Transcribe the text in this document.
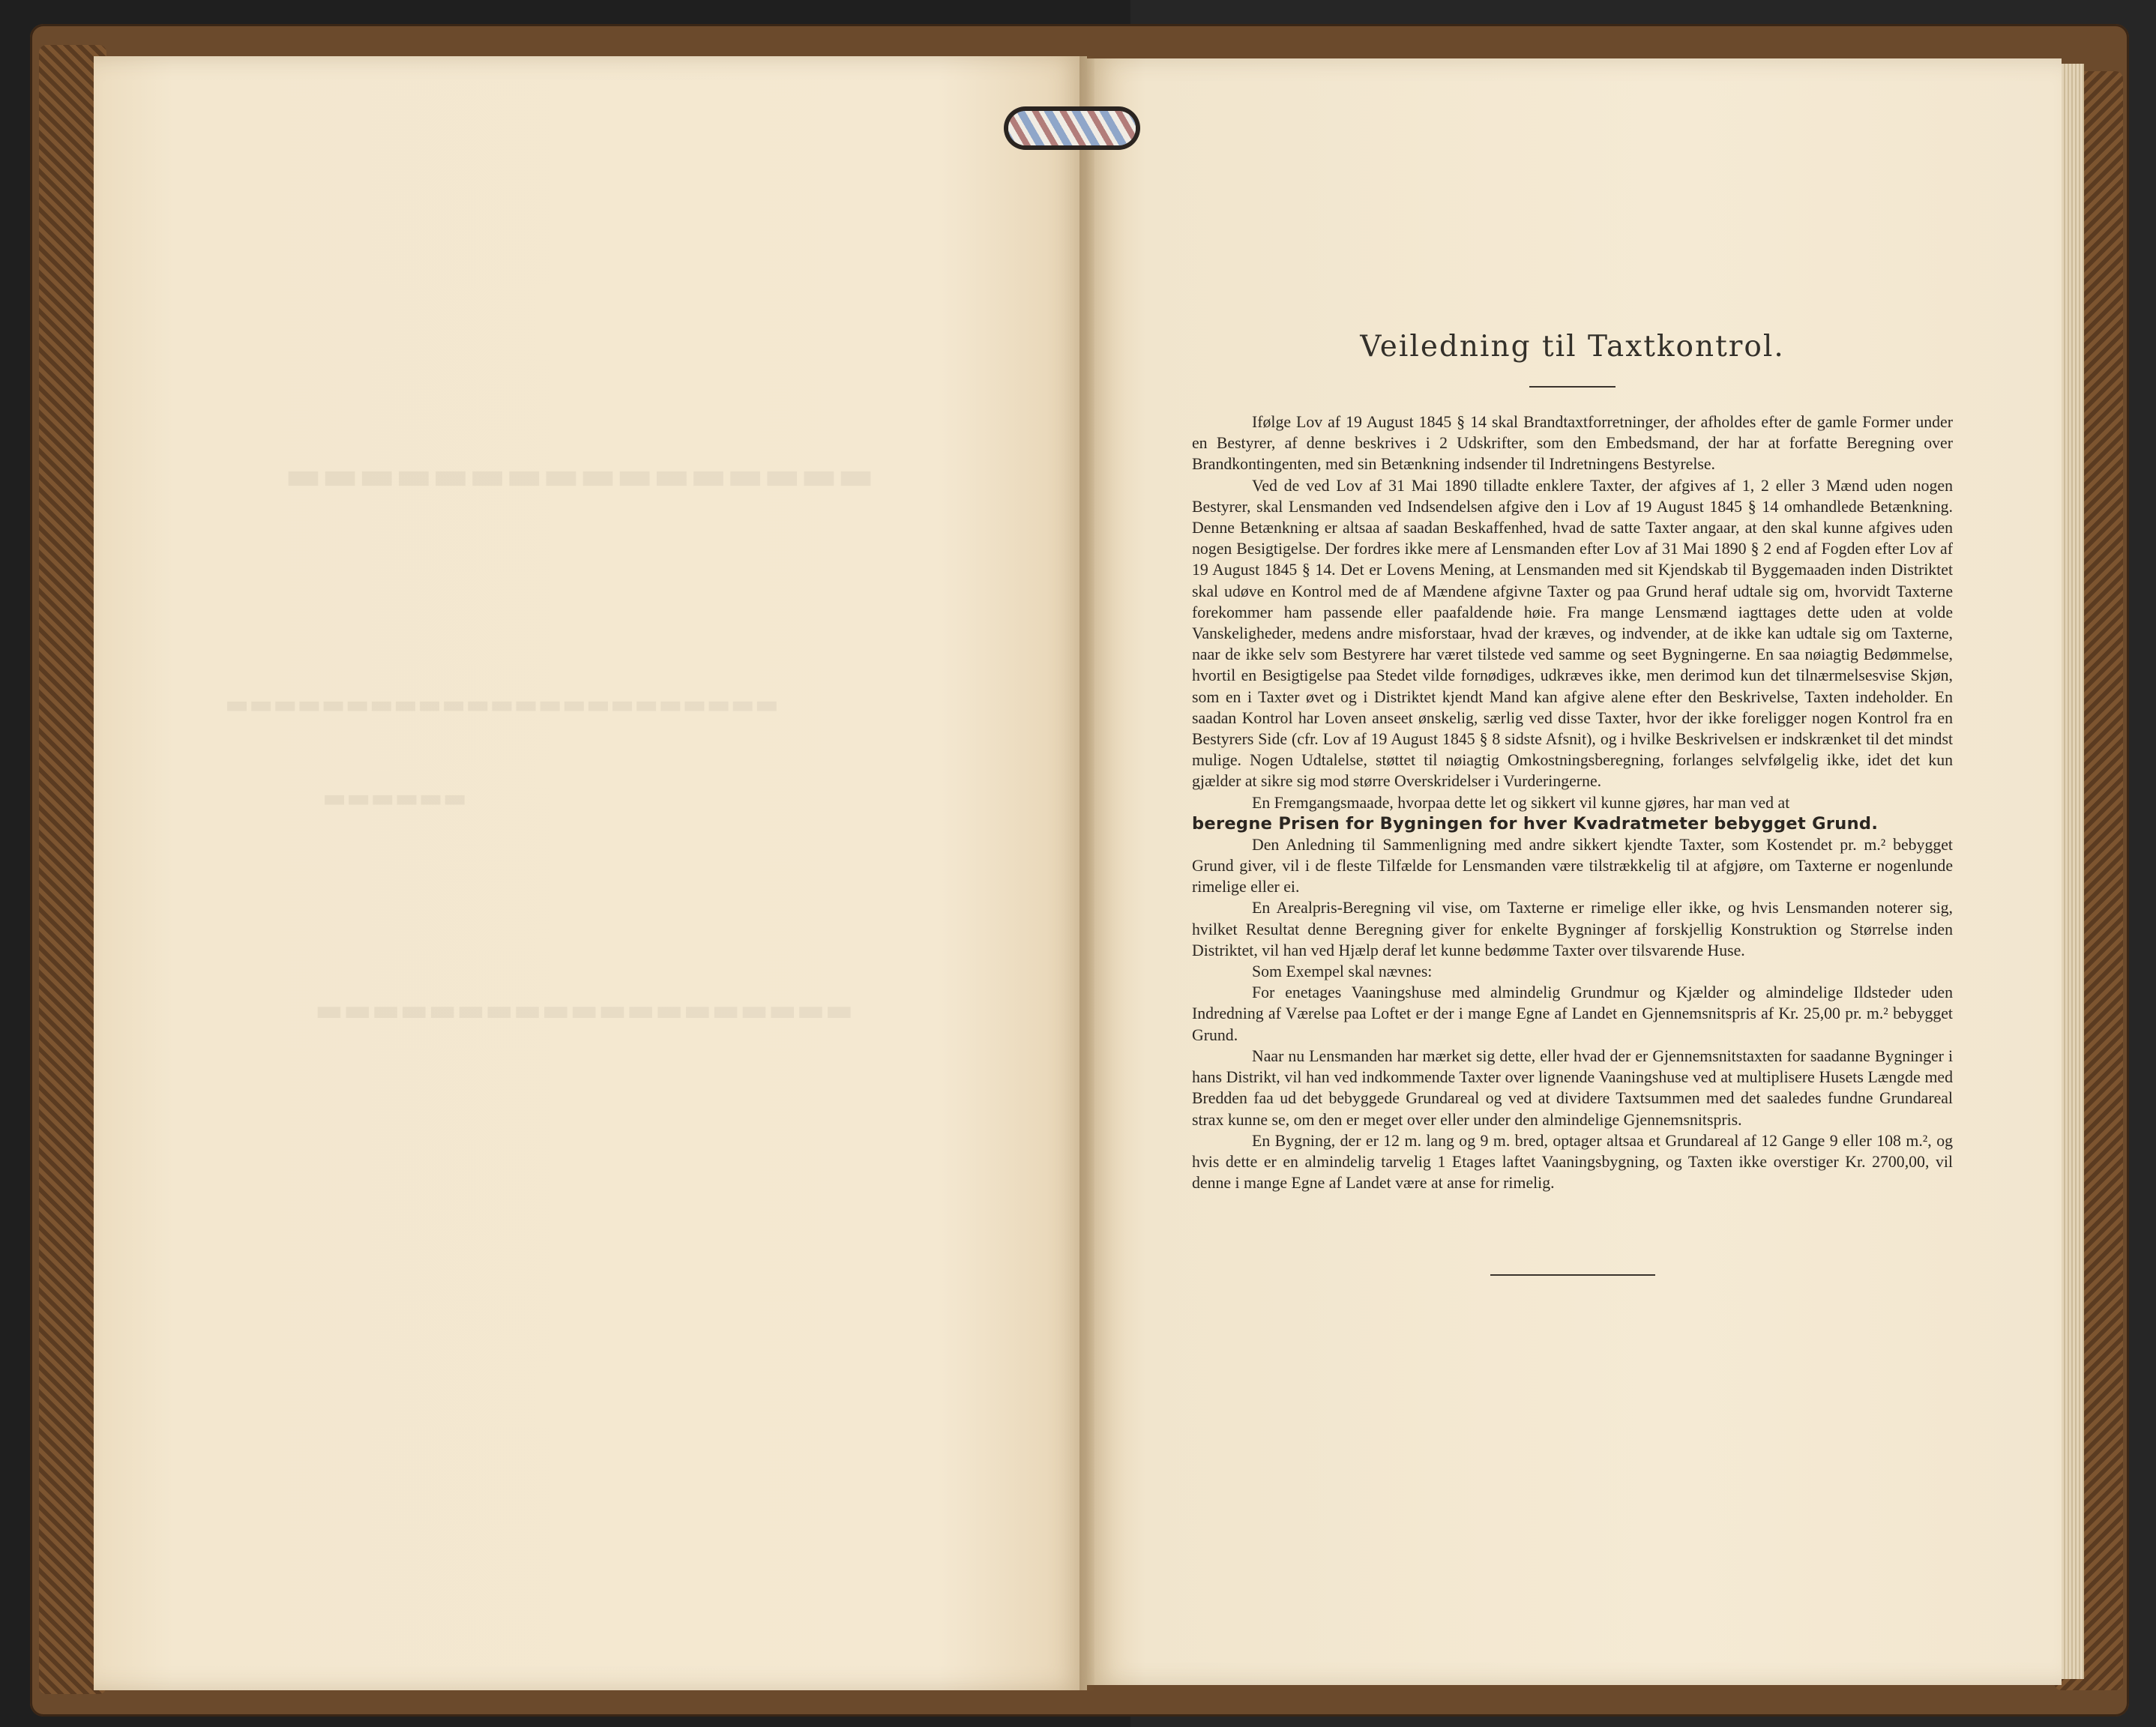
▬▬▬▬▬▬▬▬▬▬▬▬▬▬▬▬
▬▬▬▬▬▬▬▬▬▬▬▬▬▬▬▬▬▬▬▬▬▬▬
▬▬▬▬▬▬
▬▬▬▬▬▬▬▬▬▬▬▬▬▬▬▬▬▬▬
Veiledning til Taxtkontrol.

Ifølge Lov af 19 August 1845 § 14 skal Brandtaxtforretninger, der afholdes efter de gamle Former under en Bestyrer, af denne beskrives i 2 Udskrifter, som den Embedsmand, der har at forfatte Beregning over Brandkontingenten, med sin Betænkning indsender til Indretningens Bestyrelse.

Ved de ved Lov af 31 Mai 1890 tilladte enklere Taxter, der afgives af 1, 2 eller 3 Mænd uden nogen Bestyrer, skal Lensmanden ved Indsendelsen afgive den i Lov af 19 August 1845 § 14 omhandlede Betænkning. Denne Betænkning er altsaa af saadan Beskaffenhed, hvad de satte Taxter angaar, at den skal kunne afgives uden nogen Besigtigelse. Der fordres ikke mere af Lensmanden efter Lov af 31 Mai 1890 § 2 end af Fogden efter Lov af 19 August 1845 § 14. Det er Lovens Mening, at Lensmanden med sit Kjendskab til Byggemaaden inden Distriktet skal udøve en Kontrol med de af Mændene afgivne Taxter og paa Grund heraf udtale sig om, hvorvidt Taxterne forekommer ham passende eller paafaldende høie. Fra mange Lensmænd iagttages dette uden at volde Vanskeligheder, medens andre misforstaar, hvad der kræves, og indvender, at de ikke kan udtale sig om Taxterne, naar de ikke selv som Bestyrere har været tilstede ved samme og seet Bygningerne. En saa nøiagtig Bedømmelse, hvortil en Besigtigelse paa Stedet vilde fornødiges, udkræves ikke, men derimod kun det tilnærmelsesvise Skjøn, som en i Taxter øvet og i Distriktet kjendt Mand kan afgive alene efter den Beskrivelse, Taxten indeholder. En saadan Kontrol har Loven anseet ønskelig, særlig ved disse Taxter, hvor der ikke foreligger nogen Kontrol fra en Bestyrers Side (cfr. Lov af 19 August 1845 § 8 sidste Afsnit), og i hvilke Beskrivelsen er indskrænket til det mindst mulige. Nogen Udtalelse, støttet til nøiagtig Omkostningsberegning, forlanges selvfølgelig ikke, idet det kun gjælder at sikre sig mod større Overskridelser i Vurderingerne.

En Fremgangsmaade, hvorpaa dette let og sikkert vil kunne gjøres, har man ved at

beregne Prisen for Bygningen for hver Kvadratmeter bebygget Grund.

Den Anledning til Sammenligning med andre sikkert kjendte Taxter, som Kostendet pr. m.² bebygget Grund giver, vil i de fleste Tilfælde for Lensmanden være tilstrækkelig til at afgjøre, om Taxterne er nogenlunde rimelige eller ei.

En Arealpris-Beregning vil vise, om Taxterne er rimelige eller ikke, og hvis Lensmanden noterer sig, hvilket Resultat denne Beregning giver for enkelte Bygninger af forskjellig Konstruktion og Størrelse inden Distriktet, vil han ved Hjælp deraf let kunne bedømme Taxter over tilsvarende Huse.

Som Exempel skal nævnes:

For enetages Vaaningshuse med almindelig Grundmur og Kjælder og almindelige Ildsteder uden Indredning af Værelse paa Loftet er der i mange Egne af Landet en Gjennemsnitspris af Kr. 25,00 pr. m.² bebygget Grund.

Naar nu Lensmanden har mærket sig dette, eller hvad der er Gjennemsnitstaxten for saadanne Bygninger i hans Distrikt, vil han ved indkommende Taxter over lignende Vaaningshuse ved at multiplisere Husets Længde med Bredden faa ud det bebyggede Grundareal og ved at dividere Taxtsummen med det saaledes fundne Grundareal strax kunne se, om den er meget over eller under den almindelige Gjennemsnitspris.

En Bygning, der er 12 m. lang og 9 m. bred, optager altsaa et Grundareal af 12 Gange 9 eller 108 m.², og hvis dette er en almindelig tarvelig 1 Etages laftet Vaaningsbygning, og Taxten ikke overstiger Kr. 2700,00, vil denne i mange Egne af Landet være at anse for rimelig.
